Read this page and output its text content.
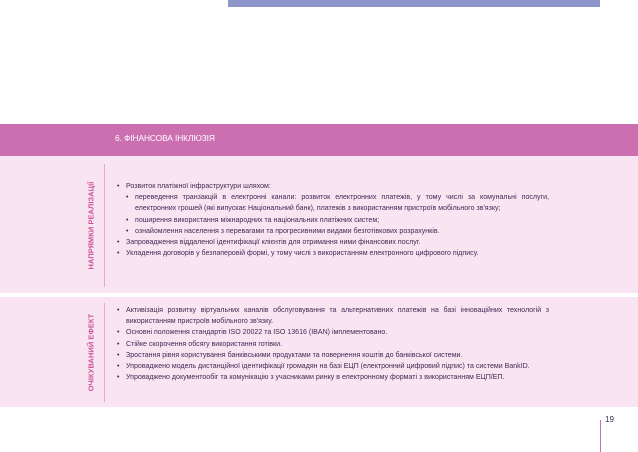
6. ФІНАНСОВА ІНКЛЮЗІЯ
НАПРЯМКИ РЕАЛІЗАЦІЇ
•	Розвиток платіжної інфраструктури шляхом:
• переведення транзакцій в електронні канали: розвиток електронних платежів, у тому числі за комунальні послуги, електронних грошей (які випускає Національний банк), платежів з використанням пристроїв мобільного зв'язку;
• поширення використання міжнародних та національних платіжних систем;
• ознайомлення населення з перевагами та прогресивними видами безготівкових розрахунків.
• Запровадження віддаленої ідентифікації клієнтів для отримання ними фінансових послуг.
• Укладення договорів у безпаперовій формі, у тому числі з використанням електронного цифрового підпису.
ОЧІКУВАНИЙ ЕФЕКТ
• Активізація розвитку віртуальних каналів обслуговування та альтернативних платежів на базі інноваційних технологій з використанням пристроїв мобільного зв'язку.
• Основні положення стандартів ISO 20022 та ISO 13616 (IBAN) імплементовано.
• Стійке скорочення обсягу використання готівки.
• Зростання рівня користування банківськими продуктами та повернення коштів до банківської системи.
• Упроваджено модель дистанційної ідентифікації громадян на базі ЕЦП (електронний цифровий підпис) та системи BankID.
• Упроваджено документообіг та комунікацію з учасниками ринку в електронному форматі з використанням ЕЦП/ЕП.
19
